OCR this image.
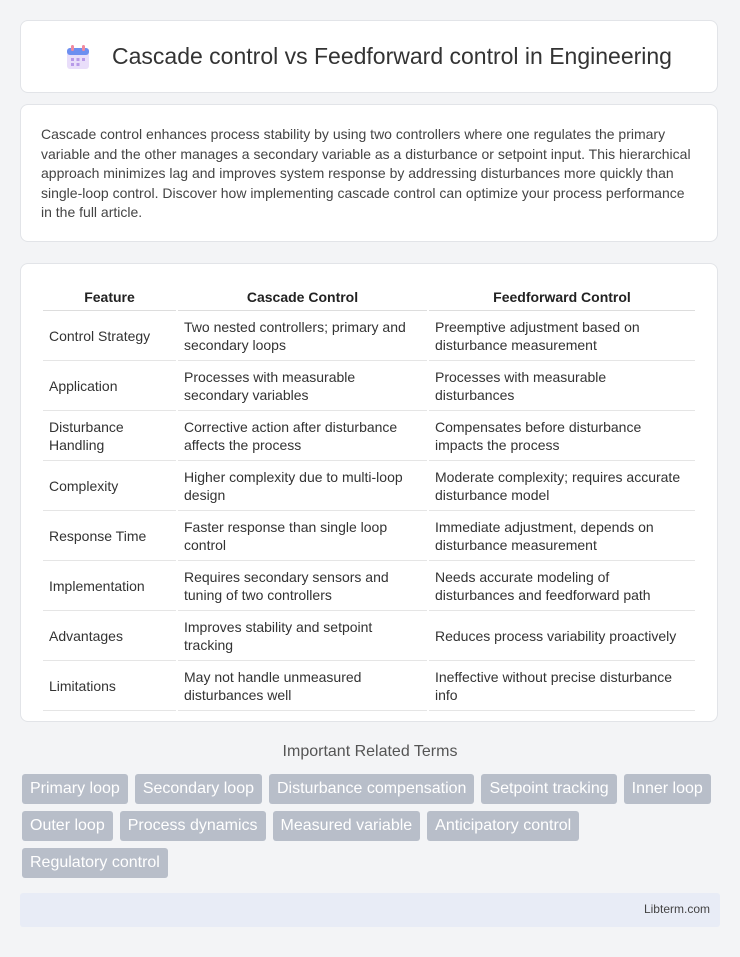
Cascade control vs Feedforward control in Engineering

Cascade control enhances process stability by using two controllers where one regulates the primary variable and the other manages a secondary variable as a disturbance or setpoint input. This hierarchical approach minimizes lag and improves system response by addressing disturbances more quickly than single-loop control. Discover how implementing cascade control can optimize your process performance in the full article.

Feature	Cascade Control	Feedforward Control
Control Strategy	Two nested controllers; primary and secondary loops	Preemptive adjustment based on disturbance measurement
Application	Processes with measurable secondary variables	Processes with measurable disturbances
Disturbance Handling	Corrective action after disturbance affects the process	Compensates before disturbance impacts the process
Complexity	Higher complexity due to multi-loop design	Moderate complexity; requires accurate disturbance model
Response Time	Faster response than single loop control	Immediate adjustment, depends on disturbance measurement
Implementation	Requires secondary sensors and tuning of two controllers	Needs accurate modeling of disturbances and feedforward path
Advantages	Improves stability and setpoint tracking	Reduces process variability proactively
Limitations	May not handle unmeasured disturbances well	Ineffective without precise disturbance info
Important Related Terms
Primary loop	Secondary loop	Disturbance compensation	Setpoint tracking	Inner loop
Outer loop	Process dynamics	Measured variable	Anticipatory control
Regulatory control
Libterm.com
